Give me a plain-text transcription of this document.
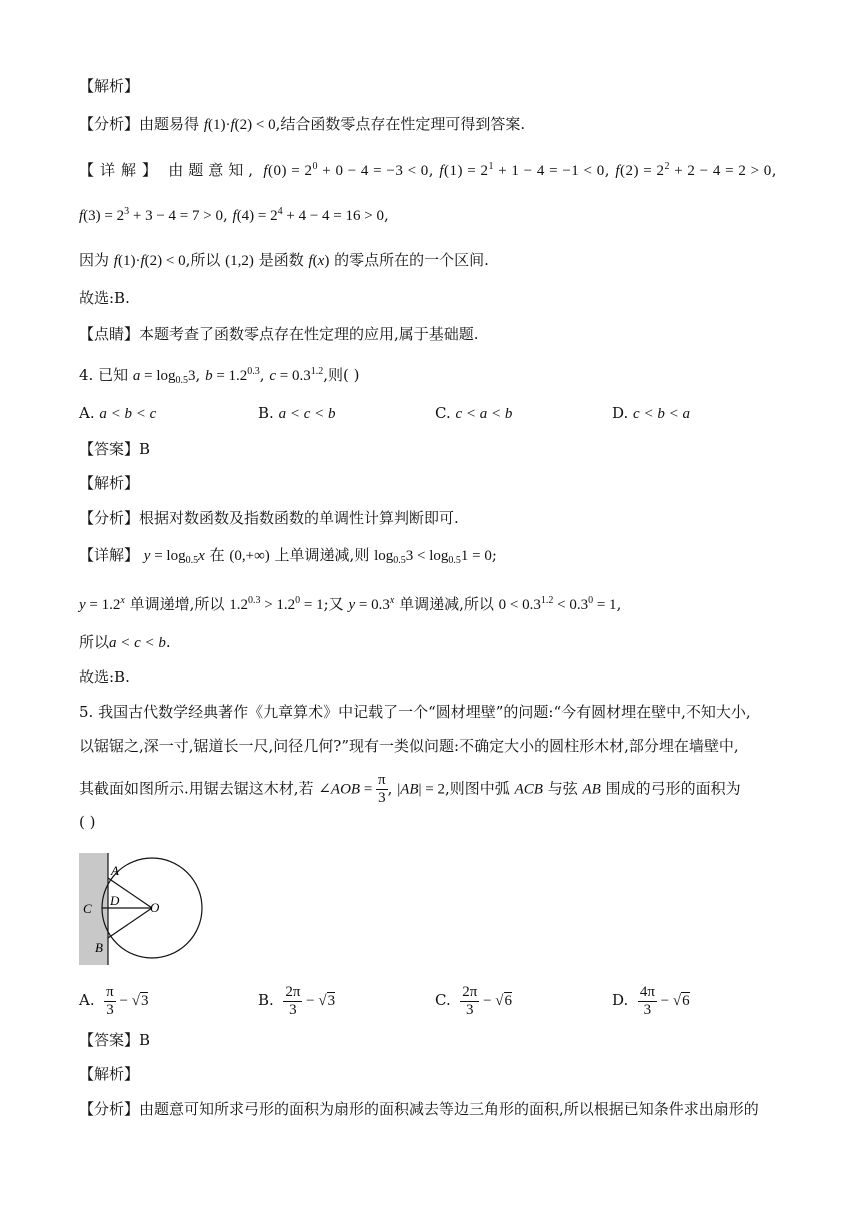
【解析】
【分析】由题易得 f(1)·f(2) < 0,结合函数零点存在性定理可得到答案.
【详解】 由题意知, $f(0) = 2^0 + 0 - 4 = -3 < 0$, $f(1) = 2^1 + 1 - 4 = -1 < 0$, $f(2) = 2^2 + 2 - 4 = 2 > 0$,
$f(3) = 2^3 + 3 - 4 = 7 > 0$, $f(4) = 2^4 + 4 - 4 = 16 > 0$,
因为 f(1)·f(2) < 0,所以 (1,2) 是函数 f(x) 的零点所在的一个区间.
故选:B.
【点睛】本题考查了函数零点存在性定理的应用,属于基础题.
4. 已知 $a = \log_{0.5}3$, $b = 1.2^{0.3}$, $c = 0.3^{1.2}$,则( )
A. a < b < c	B. a < c < b	C. c < a < b	D. c < b < a
【答案】B
【解析】
【分析】根据对数函数及指数函数的单调性计算判断即可.
【详解】 $y = \log_{0.5}x$ 在 (0,+∞) 上单调递减,则 $\log_{0.5}3 < \log_{0.5}1 = 0$;
$y = 1.2^x$ 单调递增,所以 $1.2^{0.3} > 1.2^0 = 1$;又 $y = 0.3^x$ 单调递减,所以 $0 < 0.3^{1.2} < 0.3^0 = 1$,
所以a < c < b.
故选:B.
5. 我国古代数学经典著作《九章算术》中记载了一个“圆材埋壁”的问题:“今有圆材埋在壁中,不知大小,
以锯锯之,深一寸,锯道长一尺,问径几何?”现有一类似问题:不确定大小的圆柱形木材,部分埋在墙壁中,
其截面如图所示.用锯去锯这木材,若 ∠AOB = $\frac{\pi}{3}$ , |AB| = 2,则图中弧 ACB 与弦 AB 围成的弓形的面积为
( )
A
B
C
D O
A. $\frac{\pi}{3} - √3$	B. $\frac{2\pi}{3} - √3$	C. $\frac{2\pi}{3} - √6$	D. $\frac{4\pi}{3} - √6$
【答案】B
【解析】
【分析】由题意可知所求弓形的面积为扇形的面积减去等边三角形的面积,所以根据已知条件求出扇形的
